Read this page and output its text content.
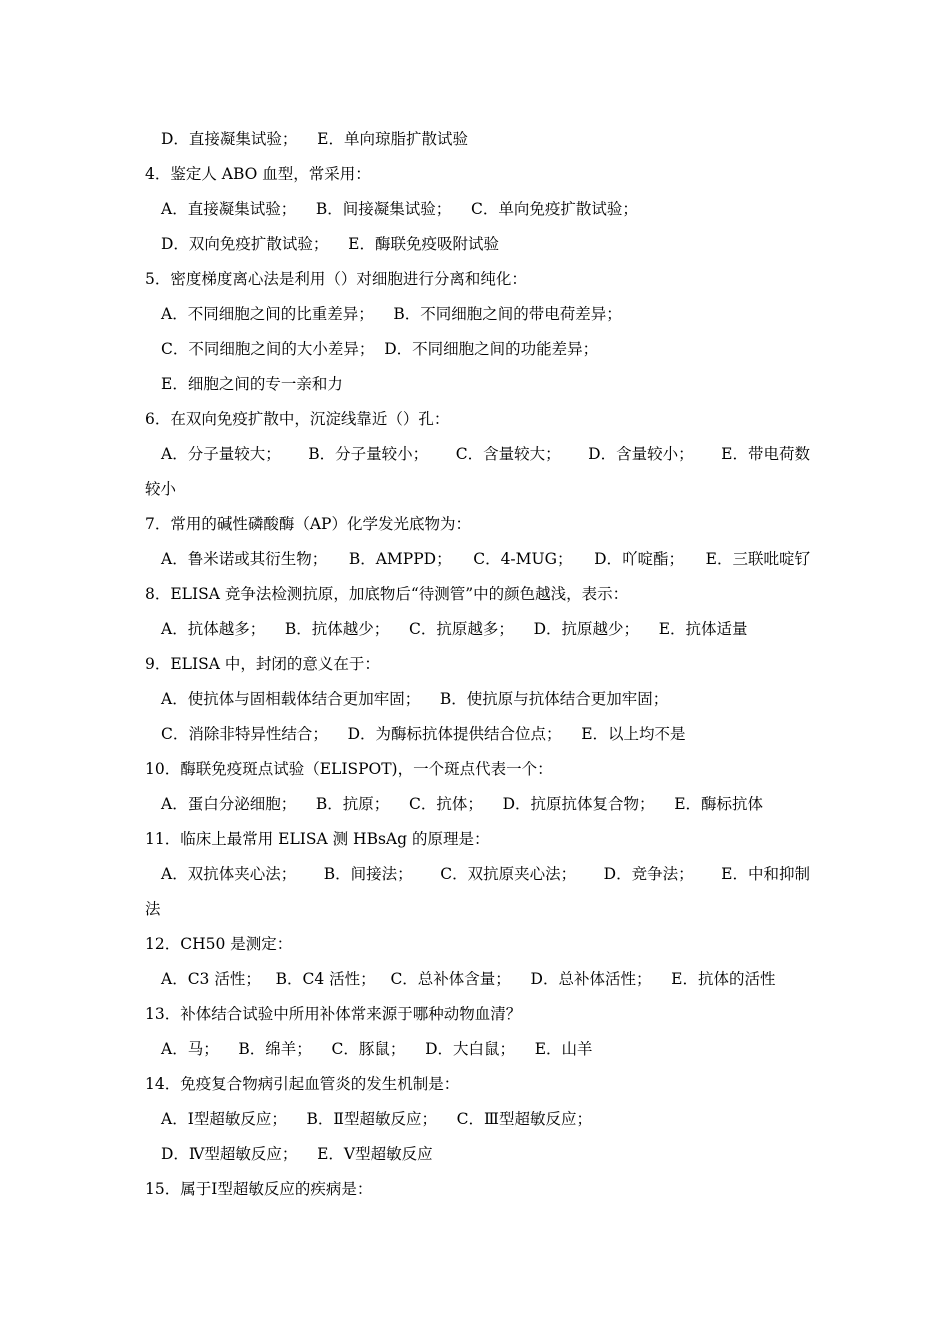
D．直接凝集试验；    E．单向琼脂扩散试验
4．鉴定人 ABO 血型，常采用：
A．直接凝集试验；    B．间接凝集试验；    C．单向免疫扩散试验；
D．双向免疫扩散试验；    E．酶联免疫吸附试验
5．密度梯度离心法是利用（）对细胞进行分离和纯化：
A．不同细胞之间的比重差异；    B．不同细胞之间的带电荷差异；
C．不同细胞之间的大小差异；  D．不同细胞之间的功能差异；
E．细胞之间的专一亲和力
6．在双向免疫扩散中，沉淀线靠近（）孔：
A．分子量较大； B．分子量较小； C．含量较大； D．含量较小； E．带电荷数
较小
7．常用的碱性磷酸酶（AP）化学发光底物为：
A．鲁米诺或其衍生物； B．AMPPD； C．4-MUG； D．吖啶酯； E．三联吡啶钌
8．ELISA 竞争法检测抗原，加底物后“待测管”中的颜色越浅，表示：
A．抗体越多；    B．抗体越少；    C．抗原越多；    D．抗原越少；    E．抗体适量
9．ELISA 中，封闭的意义在于：
A．使抗体与固相载体结合更加牢固；    B．使抗原与抗体结合更加牢固；
C．消除非特异性结合；    D．为酶标抗体提供结合位点；    E．以上均不是
10．酶联免疫斑点试验（ELISPOT)，一个斑点代表一个：
A．蛋白分泌细胞；    B．抗原；    C．抗体；    D．抗原抗体复合物；    E．酶标抗体
11．临床上最常用 ELISA 测 HBsAg 的原理是：
A．双抗体夹心法； B．间接法； C．双抗原夹心法； D．竞争法； E．中和抑制
法
12．CH50 是测定：
A．C3 活性；   B．C4 活性；   C．总补体含量；    D．总补体活性；    E．抗体的活性
13．补体结合试验中所用补体常来源于哪种动物血清？
A．马；    B．绵羊；    C．豚鼠；    D．大白鼠；    E．山羊
14．免疫复合物病引起血管炎的发生机制是：
A．Ⅰ型超敏反应；    B．Ⅱ型超敏反应；    C．Ⅲ型超敏反应；
D．Ⅳ型超敏反应；    E．Ⅴ型超敏反应
15．属于Ⅰ型超敏反应的疾病是：
